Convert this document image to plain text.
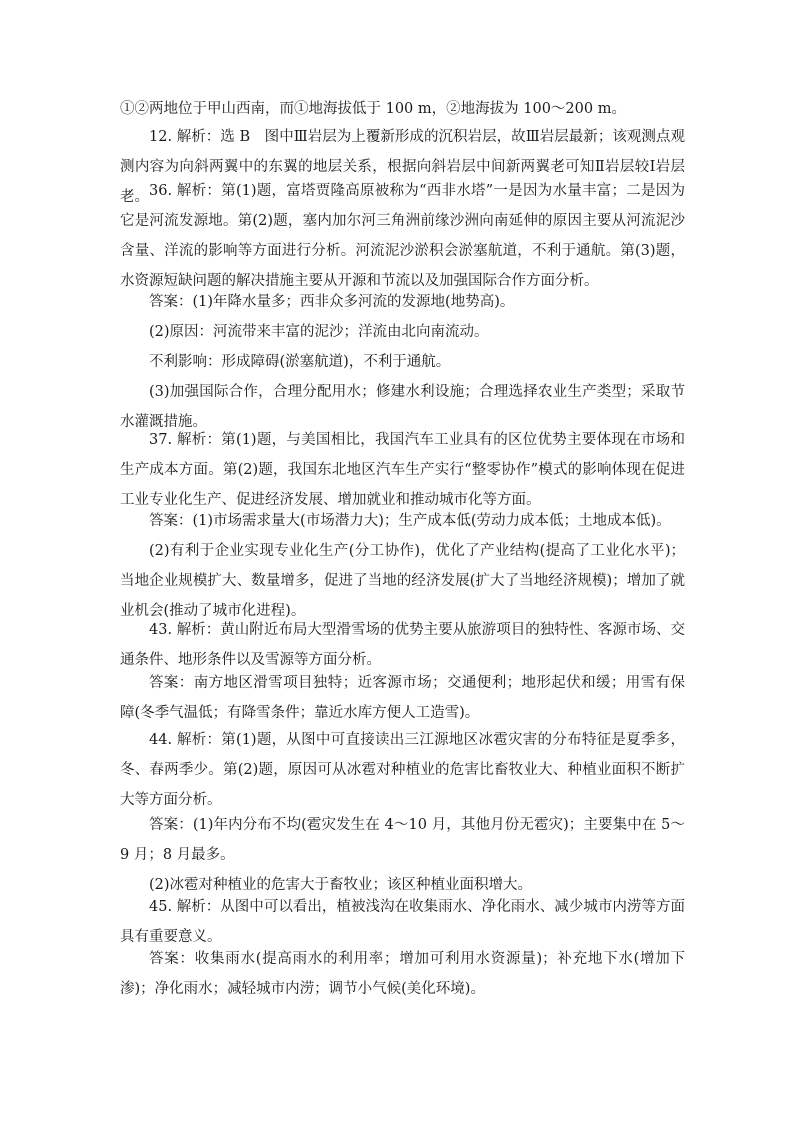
①②两地位于甲山西南，而①地海拔低于 100 m，②地海拔为 100～200 m。

12. 解析：选 B　图中Ⅲ岩层为上覆新形成的沉积岩层，故Ⅲ岩层最新；该观测点观测内容为向斜两翼中的东翼的地层关系，根据向斜岩层中间新两翼老可知Ⅱ岩层较Ⅰ岩层老。 36. 解析：第(1)题，富塔贾隆高原被称为“西非水塔”一是因为水量丰富；二是因为它是河流发源地。第(2)题，塞内加尔河三角洲前缘沙洲向南延伸的原因主要从河流泥沙含量、洋流的影响等方面进行分析。河流泥沙淤积会淤塞航道，不利于通航。第(3)题，水资源短缺问题的解决措施主要从开源和节流以及加强国际合作方面分析。

答案：(1)年降水量多；西非众多河流的发源地(地势高)。

(2)原因：河流带来丰富的泥沙；洋流由北向南流动。

不利影响：形成障碍(淤塞航道)，不利于通航。

(3)加强国际合作，合理分配用水；修建水利设施；合理选择农业生产类型；采取节水灌溉措施。

37. 解析：第(1)题，与美国相比，我国汽车工业具有的区位优势主要体现在市场和生产成本方面。第(2)题，我国东北地区汽车生产实行“整零协作”模式的影响体现在促进工业专业化生产、促进经济发展、增加就业和推动城市化等方面。

答案：(1)市场需求量大(市场潜力大)；生产成本低(劳动力成本低；土地成本低)。

(2)有利于企业实现专业化生产(分工协作)，优化了产业结构(提高了工业化水平)；当地企业规模扩大、数量增多，促进了当地的经济发展(扩大了当地经济规模)；增加了就业机会(推动了城市化进程)。

43. 解析：黄山附近布局大型滑雪场的优势主要从旅游项目的独特性、客源市场、交通条件、地形条件以及雪源等方面分析。

答案：南方地区滑雪项目独特；近客源市场；交通便利；地形起伏和缓；用雪有保障(冬季气温低；有降雪条件；靠近水库方便人工造雪)。

44. 解析：第(1)题，从图中可直接读出三江源地区冰雹灾害的分布特征是夏季多，冬、春两季少。第(2)题，原因可从冰雹对种植业的危害比畜牧业大、种植业面积不断扩大等方面分析。

答案：(1)年内分布不均(雹灾发生在 4～10 月，其他月份无雹灾)；主要集中在 5～9 月；8 月最多。

(2)冰雹对种植业的危害大于畜牧业；该区种植业面积增大。

45. 解析：从图中可以看出，植被浅沟在收集雨水、净化雨水、减少城市内涝等方面具有重要意义。

答案：收集雨水(提高雨水的利用率；增加可利用水资源量)；补充地下水(增加下渗)；净化雨水；减轻城市内涝；调节小气候(美化环境)。
